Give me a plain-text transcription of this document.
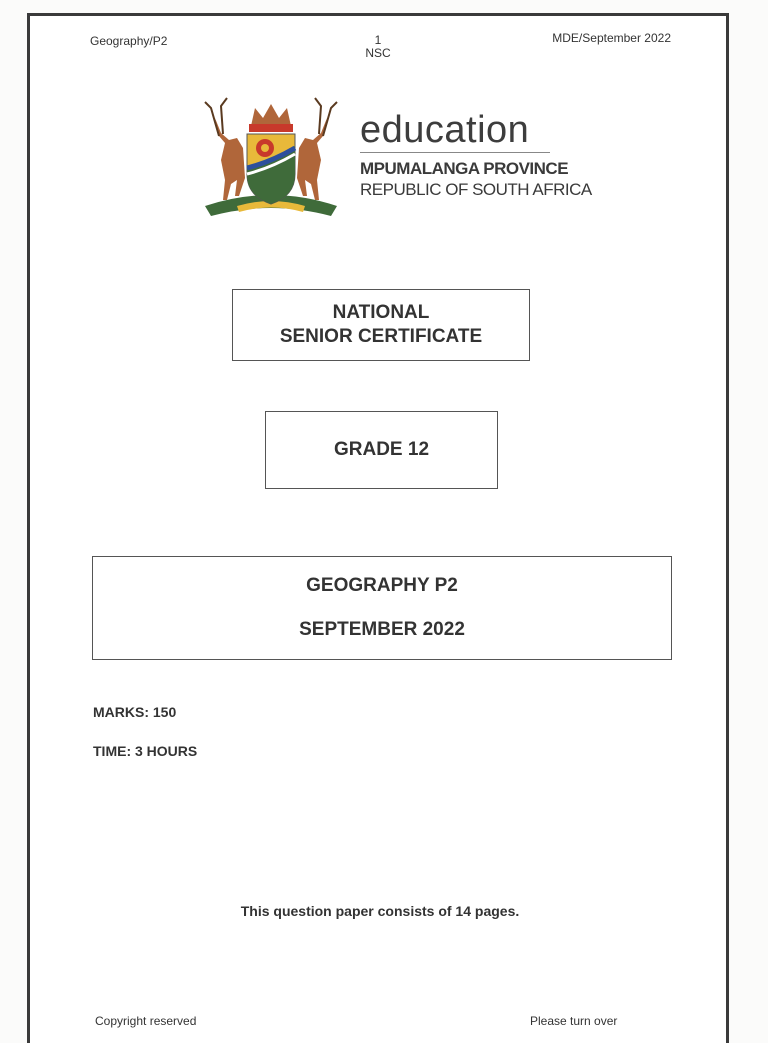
Geography/P2	1
NSC
MDE/September 2022
education
MPUMALANGA PROVINCE
REPUBLIC OF SOUTH AFRICA
NATIONAL
SENIOR CERTIFICATE
GRADE 12
GEOGRAPHY P2
SEPTEMBER 2022
MARKS: 150
TIME: 3 HOURS
This question paper consists of 14 pages.
Copyright reserved	Please turn over
